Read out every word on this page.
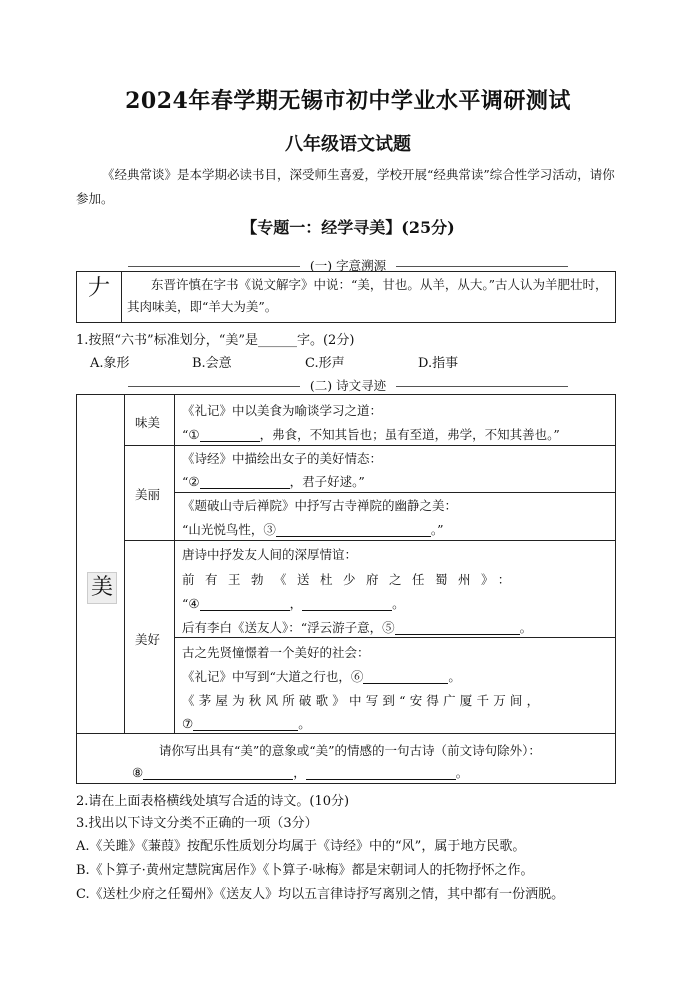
2024年春学期无锡市初中学业水平调研测试
八年级语文试题
《经典常谈》是本学期必读书目，深受师生喜爱，学校开展“经典常读”综合性学习活动，请你参加。
【专题一：经学寻美】(25分)
(一) 字意溯源
𠂇	东晋许慎在字书《说文解字》中说：“美，甘也。从羊，从大。”古人认为羊肥壮时，其肉味美，即“羊大为美”。
1.按照“六书”标准划分，“美”是______字。(2分)
A.象形	B.会意	C.形声	D.指事
(二) 诗文寻迹
美
味美
《礼记》中以美食为喻谈学习之道：
“①	，弗食，不知其旨也；虽有至道，弗学，不知其善也。”
美丽
《诗经》中描绘出女子的美好情态：
“②	，君子好逑。”
《题破山寺后禅院》中抒写古寺禅院的幽静之美：
“山光悦鸟性，③	。”
美好
唐诗中抒发友人间的深厚情谊：
前有王勃《送杜少府之任蜀州》：
“④	，	。
后有李白《送友人》：“浮云游子意，⑤	。
古之先贤憧憬着一个美好的社会：
《礼记》中写到“大道之行也，⑥	。
《茅屋为秋风所破歌》中写到“安得广厦千万间，
⑦	。
请你写出具有“美”的意象或“美”的情感的一句古诗（前文诗句除外）：
⑧	，	。
2.请在上面表格横线处填写合适的诗文。(10分)
3.找出以下诗文分类不正确的一项（3分）
A.《关雎》《蒹葭》按配乐性质划分均属于《诗经》中的“风”，属于地方民歌。
B.《卜算子·黄州定慧院寓居作》《卜算子·咏梅》都是宋朝词人的托物抒怀之作。
C.《送杜少府之任蜀州》《送友人》均以五言律诗抒写离别之情，其中都有一份洒脱。
